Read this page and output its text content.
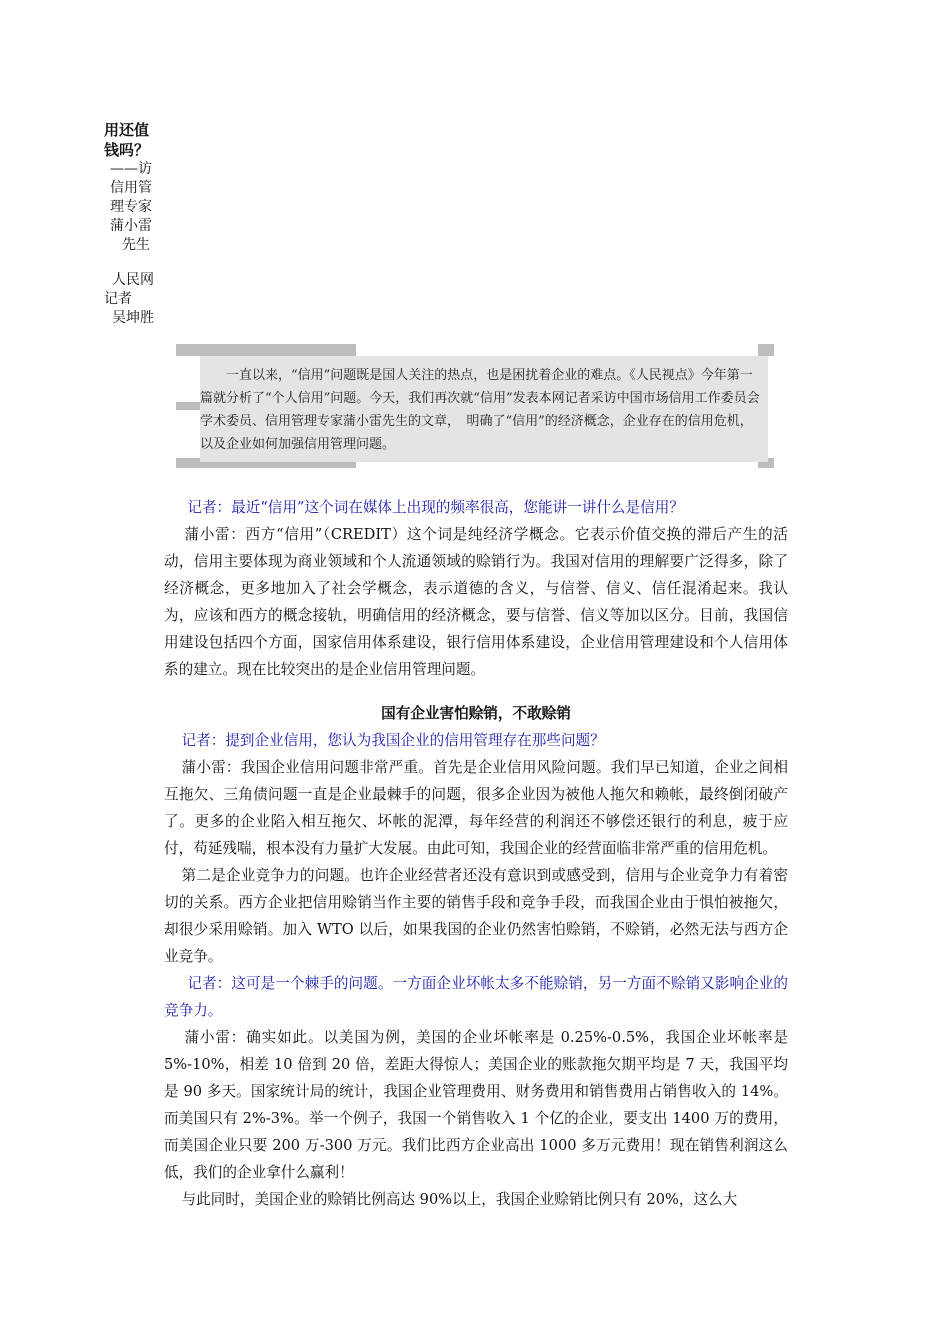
用还值
钱吗？
——访
信用管
理专家
蒲小雷
先生
人民网
记者
吴坤胜
一直以来，“信用”问题既是国人关注的热点，也是困扰着企业的难点。《人民视点》今年第一篇就分析了“个人信用”问题。今天，我们再次就“信用”发表本网记者采访中国市场信用工作委员会学术委员、信用管理专家蒲小雷先生的文章，　明确了“信用”的经济概念，企业存在的信用危机，以及企业如何加强信用管理问题。

记者：最近“信用”这个词在媒体上出现的频率很高，您能讲一讲什么是信用？

蒲小雷：西方“信用”（CREDIT）这个词是纯经济学概念。它表示价值交换的滞后产生的活动，信用主要体现为商业领域和个人流通领域的赊销行为。我国对信用的理解要广泛得多，除了经济概念，更多地加入了社会学概念，表示道德的含义，与信誉、信义、信任混淆起来。我认为，应该和西方的概念接轨，明确信用的经济概念，要与信誉、信义等加以区分。目前，我国信用建设包括四个方面，国家信用体系建设，银行信用体系建设，企业信用管理建设和个人信用体系的建立。现在比较突出的是企业信用管理问题。

国有企业害怕赊销，不敢赊销

记者：提到企业信用，您认为我国企业的信用管理存在那些问题？

蒲小雷：我国企业信用问题非常严重。首先是企业信用风险问题。我们早已知道，企业之间相互拖欠、三角债问题一直是企业最棘手的问题，很多企业因为被他人拖欠和赖帐，最终倒闭破产了。更多的企业陷入相互拖欠、坏帐的泥潭，每年经营的利润还不够偿还银行的利息，疲于应付，苟延残喘，根本没有力量扩大发展。由此可知，我国企业的经营面临非常严重的信用危机。

第二是企业竞争力的问题。也许企业经营者还没有意识到或感受到，信用与企业竞争力有着密切的关系。西方企业把信用赊销当作主要的销售手段和竞争手段，而我国企业由于惧怕被拖欠，却很少采用赊销。加入 WTO 以后，如果我国的企业仍然害怕赊销，不赊销，必然无法与西方企业竞争。

记者：这可是一个棘手的问题。一方面企业坏帐太多不能赊销，另一方面不赊销又影响企业的竞争力。

蒲小雷：确实如此。以美国为例，美国的企业坏帐率是 0.25%-0.5%，我国企业坏帐率是 5%-10%，相差 10 倍到 20 倍，差距大得惊人；美国企业的账款拖欠期平均是 7 天，我国平均是 90 多天。国家统计局的统计，我国企业管理费用、财务费用和销售费用占销售收入的 14%。而美国只有 2%-3%。举一个例子，我国一个销售收入 1 个亿的企业，要支出 1400 万的费用，而美国企业只要 200 万-300 万元。我们比西方企业高出 1000 多万元费用！现在销售利润这么低，我们的企业拿什么赢利！

与此同时，美国企业的赊销比例高达 90%以上，我国企业赊销比例只有 20%，这么大
